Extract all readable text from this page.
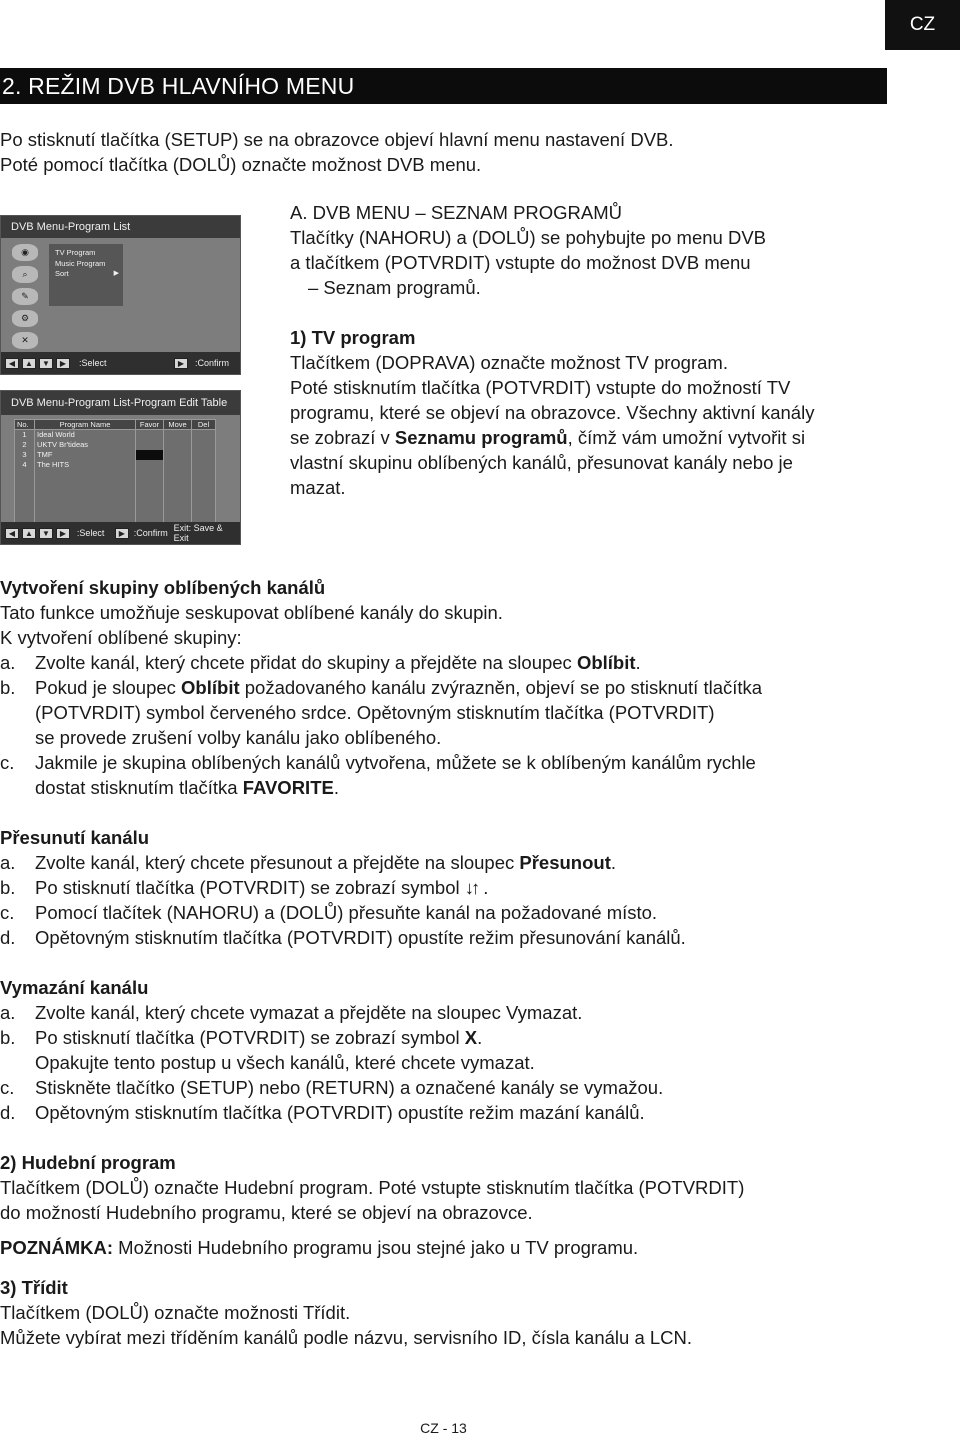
CZ
2. REŽIM DVB HLAVNÍHO MENU

Po stisknutí tlačítka (SETUP) se na obrazovce objeví hlavní menu nastavení DVB.

Poté pomocí tlačítka (DOLŮ) označte možnost DVB menu.

DVB Menu-Program List
◉
⌕
✎
⚙
✕
TV Program
Music Program
Sort	▶
◀	▲	▼	▶	:Select	▶	:Confirm
DVB Menu-Program List-Program Edit Table
No.	Program Name	Favor	Move	Del
1	Ideal World			
2	UKTV Br'tideas			
3	TMF			
4	The HITS			

◀	▲	▼	▶	:Select	▶ :Confirm Exit: Save & Exit

A. DVB MENU – SEZNAM PROGRAMŮ

Tlačítky (NAHORU) a (DOLŮ) se pohybujte po menu DVB

a tlačítkem (POTVRDIT) vstupte do možnost DVB menu

– Seznam programů.

1) TV program

Tlačítkem (DOPRAVA) označte možnost TV program.

Poté stisknutím tlačítka (POTVRDIT) vstupte do možností TV

programu, které se objeví na obrazovce. Všechny aktivní kanály

se zobrazí v Seznamu programů, čímž vám umožní vytvořit si

vlastní skupinu oblíbených kanálů, přesunovat kanály nebo je

mazat.

Vytvoření skupiny oblíbených kanálů

Tato funkce umožňuje seskupovat oblíbené kanály do skupin.

K vytvoření oblíbené skupiny:

a.	Zvolte kanál, který chcete přidat do skupiny a přejděte na sloupec Oblíbit.
b.	Pokud je sloupec Oblíbit požadovaného kanálu zvýrazněn, objeví se po stisknutí tlačítka

(POTVRDIT) symbol červeného srdce. Opětovným stisknutím tlačítka (POTVRDIT)

se provede zrušení volby kanálu jako oblíbeného.

c.	Jakmile je skupina oblíbených kanálů vytvořena, můžete se k oblíbeným kanálům rychle

dostat stisknutím tlačítka FAVORITE.

Přesunutí kanálu

a.	Zvolte kanál, který chcete přesunout a přejděte na sloupec Přesunout.
b.	Po stisknutí tlačítka (POTVRDIT) se zobrazí symbol ↓↑ .
c.	Pomocí tlačítek (NAHORU) a (DOLŮ) přesuňte kanál na požadované místo.
d.	Opětovným stisknutím tlačítka (POTVRDIT) opustíte režim přesunování kanálů.

Vymazání kanálu

a.	Zvolte kanál, který chcete vymazat a přejděte na sloupec Vymazat.
b.	Po stisknutí tlačítka (POTVRDIT) se zobrazí symbol X.

Opakujte tento postup u všech kanálů, které chcete vymazat.

c.	Stiskněte tlačítko (SETUP) nebo (RETURN) a označené kanály se vymažou.
d.	Opětovným stisknutím tlačítka (POTVRDIT) opustíte režim mazání kanálů.

2) Hudební program

Tlačítkem (DOLŮ) označte Hudební program. Poté vstupte stisknutím tlačítka (POTVRDIT)

do možností Hudebního programu, které se objeví na obrazovce.

POZNÁMKA: Možnosti Hudebního programu jsou stejné jako u TV programu.

3) Třídit

Tlačítkem (DOLŮ) označte možnosti Třídit.

Můžete vybírat mezi tříděním kanálů podle názvu, servisního ID, čísla kanálu a LCN.

CZ - 13
